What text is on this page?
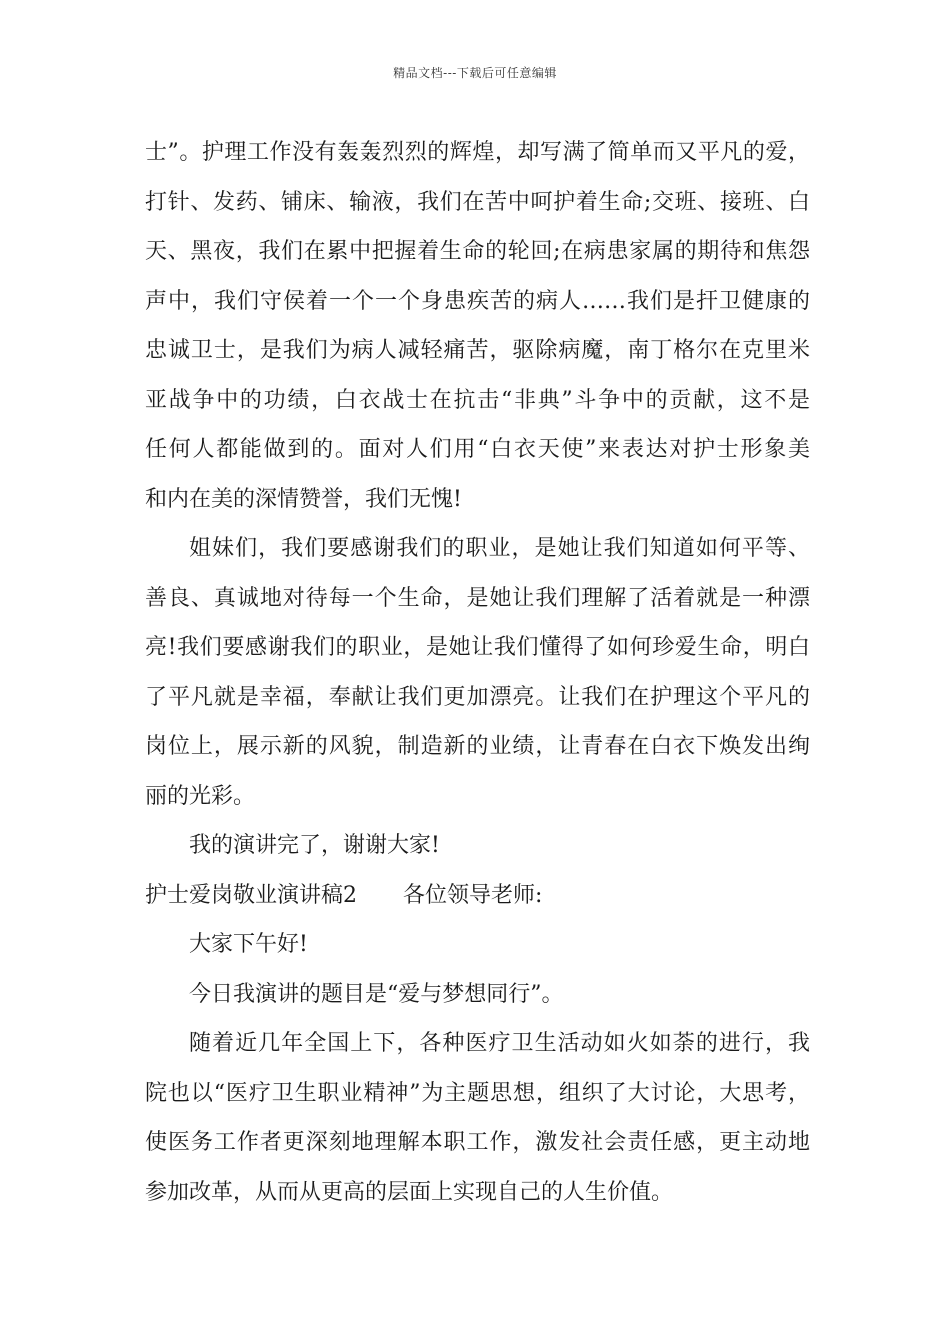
精品文档---下载后可任意编辑
士”。护理工作没有轰轰烈烈的辉煌，却写满了简单而又平凡的爱，
打针、发药、铺床、输液，我们在苦中呵护着生命;交班、接班、白
天、黑夜，我们在累中把握着生命的轮回;在病患家属的期待和焦怨
声中，我们守侯着一个一个身患疾苦的病人……我们是扞卫健康的
忠诚卫士，是我们为病人减轻痛苦，驱除病魔，南丁格尔在克里米
亚战争中的功绩，白衣战士在抗击“非典”斗争中的贡献，这不是
任何人都能做到的。面对人们用“白衣天使”来表达对护士形象美
和内在美的深情赞誉，我们无愧!
姐妹们，我们要感谢我们的职业，是她让我们知道如何平等、
善良、真诚地对待每一个生命，是她让我们理解了活着就是一种漂
亮!我们要感谢我们的职业，是她让我们懂得了如何珍爱生命，明白
了平凡就是幸福，奉献让我们更加漂亮。让我们在护理这个平凡的
岗位上，展示新的风貌，制造新的业绩，让青春在白衣下焕发出绚
丽的光彩。
我的演讲完了，谢谢大家!
护士爱岗敬业演讲稿2 各位领导老师:
大家下午好!
今日我演讲的题目是“爱与梦想同行”。
随着近几年全国上下，各种医疗卫生活动如火如荼的进行，我
院也以“医疗卫生职业精神”为主题思想，组织了大讨论，大思考，
使医务工作者更深刻地理解本职工作，激发社会责任感，更主动地
参加改革，从而从更高的层面上实现自己的人生价值。
